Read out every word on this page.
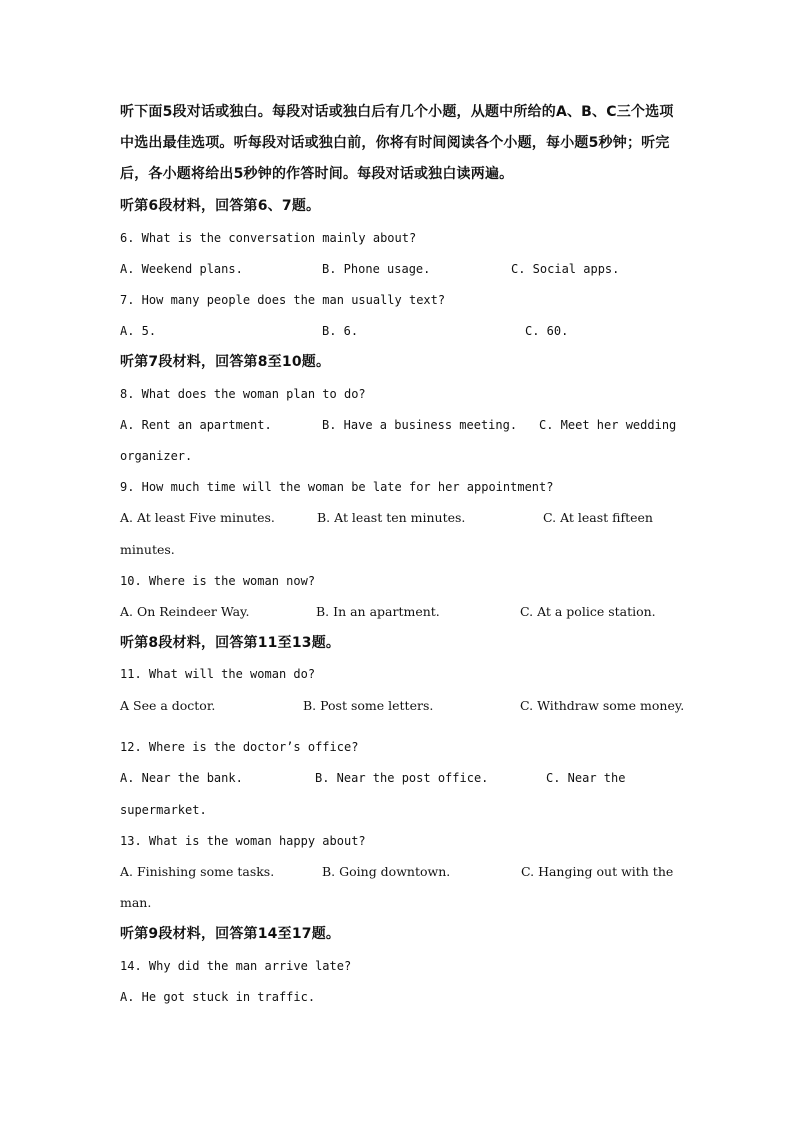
听下面5段对话或独白。每段对话或独白后有几个小题，从题中所给的A、B、C三个选项
中选出最佳选项。听每段对话或独白前，你将有时间阅读各个小题，每小题5秒钟；听完
后，各小题将给出5秒钟的作答时间。每段对话或独白读两遍。
听第6段材料，回答第6、7题。
6. What is the conversation mainly about?
A. Weekend plans.	B. Phone usage.	C. Social apps.
7. How many people does the man usually text?
A. 5.	B. 6.	C. 60.
听第7段材料，回答第8至10题。
8. What does the woman plan to do?
A. Rent an apartment.	B. Have a business meeting. C. Meet her wedding
organizer.
9. How much time will the woman be late for her appointment?
A. At least Five minutes.	B. At least ten minutes.	C. At least fifteen
minutes.
10. Where is the woman now?
A. On Reindeer Way.	B. In an apartment.	C. At a police station.
听第8段材料，回答第11至13题。
11. What will the woman do?
A See a doctor.	B. Post some letters.	C. Withdraw some money.
12. Where is the doctor’s office?
A. Near the bank.	B. Near the post office.	C. Near the
supermarket.
13. What is the woman happy about?
A. Finishing some tasks.	B. Going downtown.	C. Hanging out with the
man.
听第9段材料，回答第14至17题。
14. Why did the man arrive late?
A. He got stuck in traffic.
